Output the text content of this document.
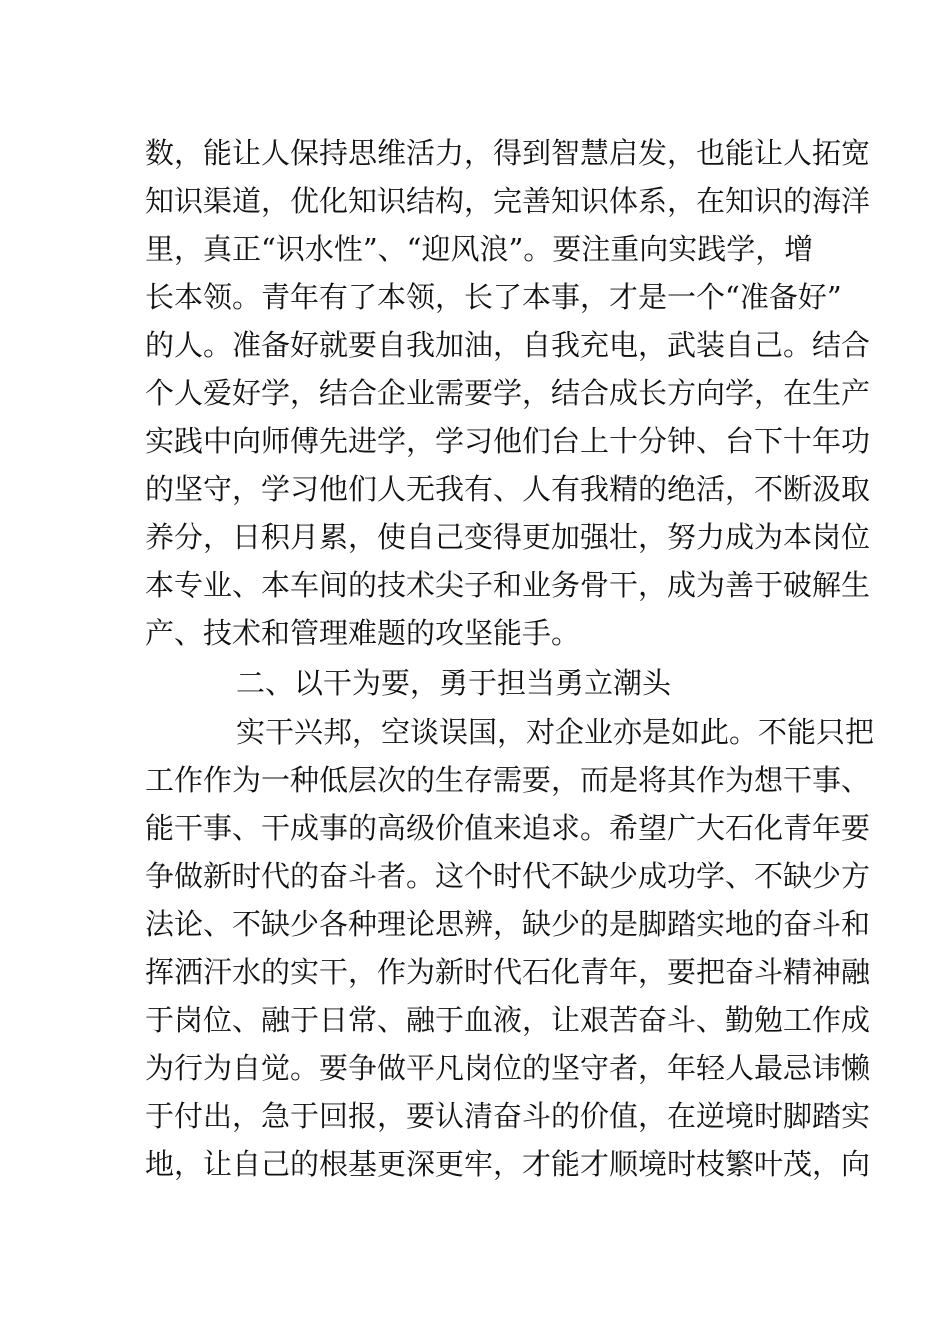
数，能让人保持思维活力，得到智慧启发，也能让人拓宽
知识渠道，优化知识结构，完善知识体系，在知识的海洋
里，真正“识水性”、“迎风浪”。要注重向实践学，增
长本领。青年有了本领，长了本事，才是一个“准备好”
的人。准备好就要自我加油，自我充电，武装自己。结合
个人爱好学，结合企业需要学，结合成长方向学，在生产
实践中向师傅先进学，学习他们台上十分钟、台下十年功
的坚守，学习他们人无我有、人有我精的绝活，不断汲取
养分，日积月累，使自己变得更加强壮，努力成为本岗位
本专业、本车间的技术尖子和业务骨干，成为善于破解生
产、技术和管理难题的攻坚能手。
二、以干为要，勇于担当勇立潮头
实干兴邦，空谈误国，对企业亦是如此。不能只把
工作作为一种低层次的生存需要，而是将其作为想干事、
能干事、干成事的高级价值来追求。希望广大石化青年要
争做新时代的奋斗者。这个时代不缺少成功学、不缺少方
法论、不缺少各种理论思辨，缺少的是脚踏实地的奋斗和
挥洒汗水的实干，作为新时代石化青年，要把奋斗精神融
于岗位、融于日常、融于血液，让艰苦奋斗、勤勉工作成
为行为自觉。要争做平凡岗位的坚守者，年轻人最忌讳懒
于付出，急于回报，要认清奋斗的价值，在逆境时脚踏实
地，让自己的根基更深更牢，才能才顺境时枝繁叶茂，向
